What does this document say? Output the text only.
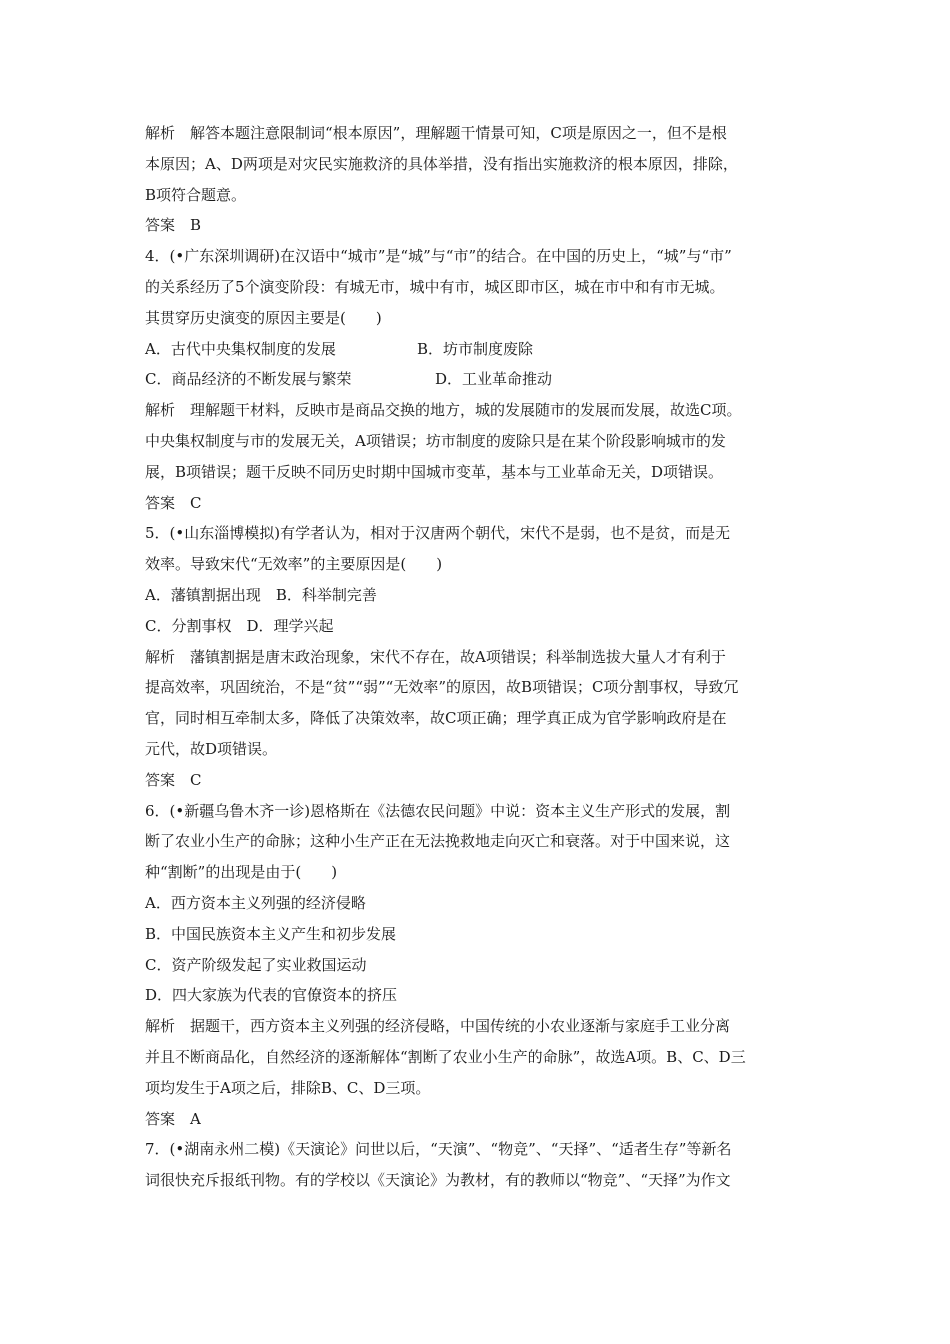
解析 解答本题注意限制词“根本原因”，理解题干情景可知，C项是原因之一，但不是根
本原因；A、D两项是对灾民实施救济的具体举措，没有指出实施救济的根本原因，排除，
B项符合题意。
答案 B
4．(•广东深圳调研)在汉语中“城市”是“城”与“市”的结合。在中国的历史上，“城”与“市”
的关系经历了5个演变阶段：有城无市，城中有市，城区即市区，城在市中和有市无城。
其贯穿历史演变的原因主要是(　　)
A．古代中央集权制度的发展	B．坊市制度废除
C．商品经济的不断发展与繁荣	D．工业革命推动
解析 理解题干材料，反映市是商品交换的地方，城的发展随市的发展而发展，故选C项。
中央集权制度与市的发展无关，A项错误；坊市制度的废除只是在某个阶段影响城市的发
展，B项错误；题干反映不同历史时期中国城市变革，基本与工业革命无关，D项错误。
答案 C
5．(•山东淄博模拟)有学者认为，相对于汉唐两个朝代，宋代不是弱，也不是贫，而是无
效率。导致宋代“无效率”的主要原因是(　　)
A．藩镇割据出现　B．科举制完善
C．分割事权　D．理学兴起
解析 藩镇割据是唐末政治现象，宋代不存在，故A项错误；科举制选拔大量人才有利于
提高效率，巩固统治，不是“贫”“弱”“无效率”的原因，故B项错误；C项分割事权，导致冗
官，同时相互牵制太多，降低了决策效率，故C项正确；理学真正成为官学影响政府是在
元代，故D项错误。
答案 C
6．(•新疆乌鲁木齐一诊)恩格斯在《法德农民问题》中说：资本主义生产形式的发展，割
断了农业小生产的命脉；这种小生产正在无法挽救地走向灭亡和衰落。对于中国来说，这
种“割断”的出现是由于(　　)
A．西方资本主义列强的经济侵略
B．中国民族资本主义产生和初步发展
C．资产阶级发起了实业救国运动
D．四大家族为代表的官僚资本的挤压
解析 据题干，西方资本主义列强的经济侵略，中国传统的小农业逐渐与家庭手工业分离
并且不断商品化，自然经济的逐渐解体“割断了农业小生产的命脉”，故选A项。B、C、D三
项均发生于A项之后，排除B、C、D三项。
答案 A
7．(•湖南永州二模)《天演论》问世以后，“天演”、“物竞”、“天择”、“适者生存”等新名
词很快充斥报纸刊物。有的学校以《天演论》为教材，有的教师以“物竞”、“天择”为作文
